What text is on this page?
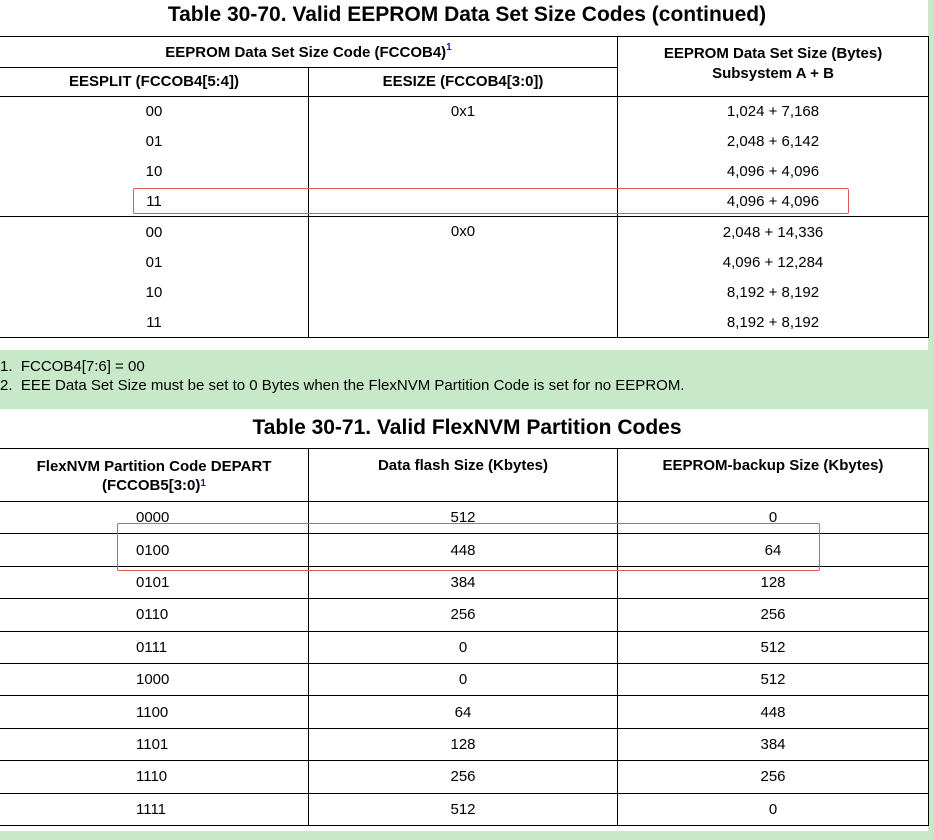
Table 30-70. Valid EEPROM Data Set Size Codes (continued)
EEPROM Data Set Size Code (FCCOB4)$^1$		EEPROM Data Set Size (Bytes)
Subsystem A + B

EESPLIT (FCCOB4[5:4])	EESIZE (FCCOB4[3:0])	
00	0x1	1,024 + 7,168
01		2,048 + 6,142
10		4,096 + 4,096
11		4,096 + 4,096
00	0x0	2,048 + 14,336
01		4,096 + 12,284
10		8,192 + 8,192
11		8,192 + 8,192
1. FCCOB4[7:6] = 00
2. EEE Data Set Size must be set to 0 Bytes when the FlexNVM Partition Code is set for no EEPROM.
Table 30-71. Valid FlexNVM Partition Codes
FlexNVM Partition Code DEPART
(FCCOB5[3:0)$^1$	Data flash Size (Kbytes)	EEPROM-backup Size (Kbytes)
0000	512	0
0100	448	64
0101	384	128
0110	256	256
0111	0	512
1000	0	512
1100	64	448
1101	128	384
1110	256	256
1111	512	0
